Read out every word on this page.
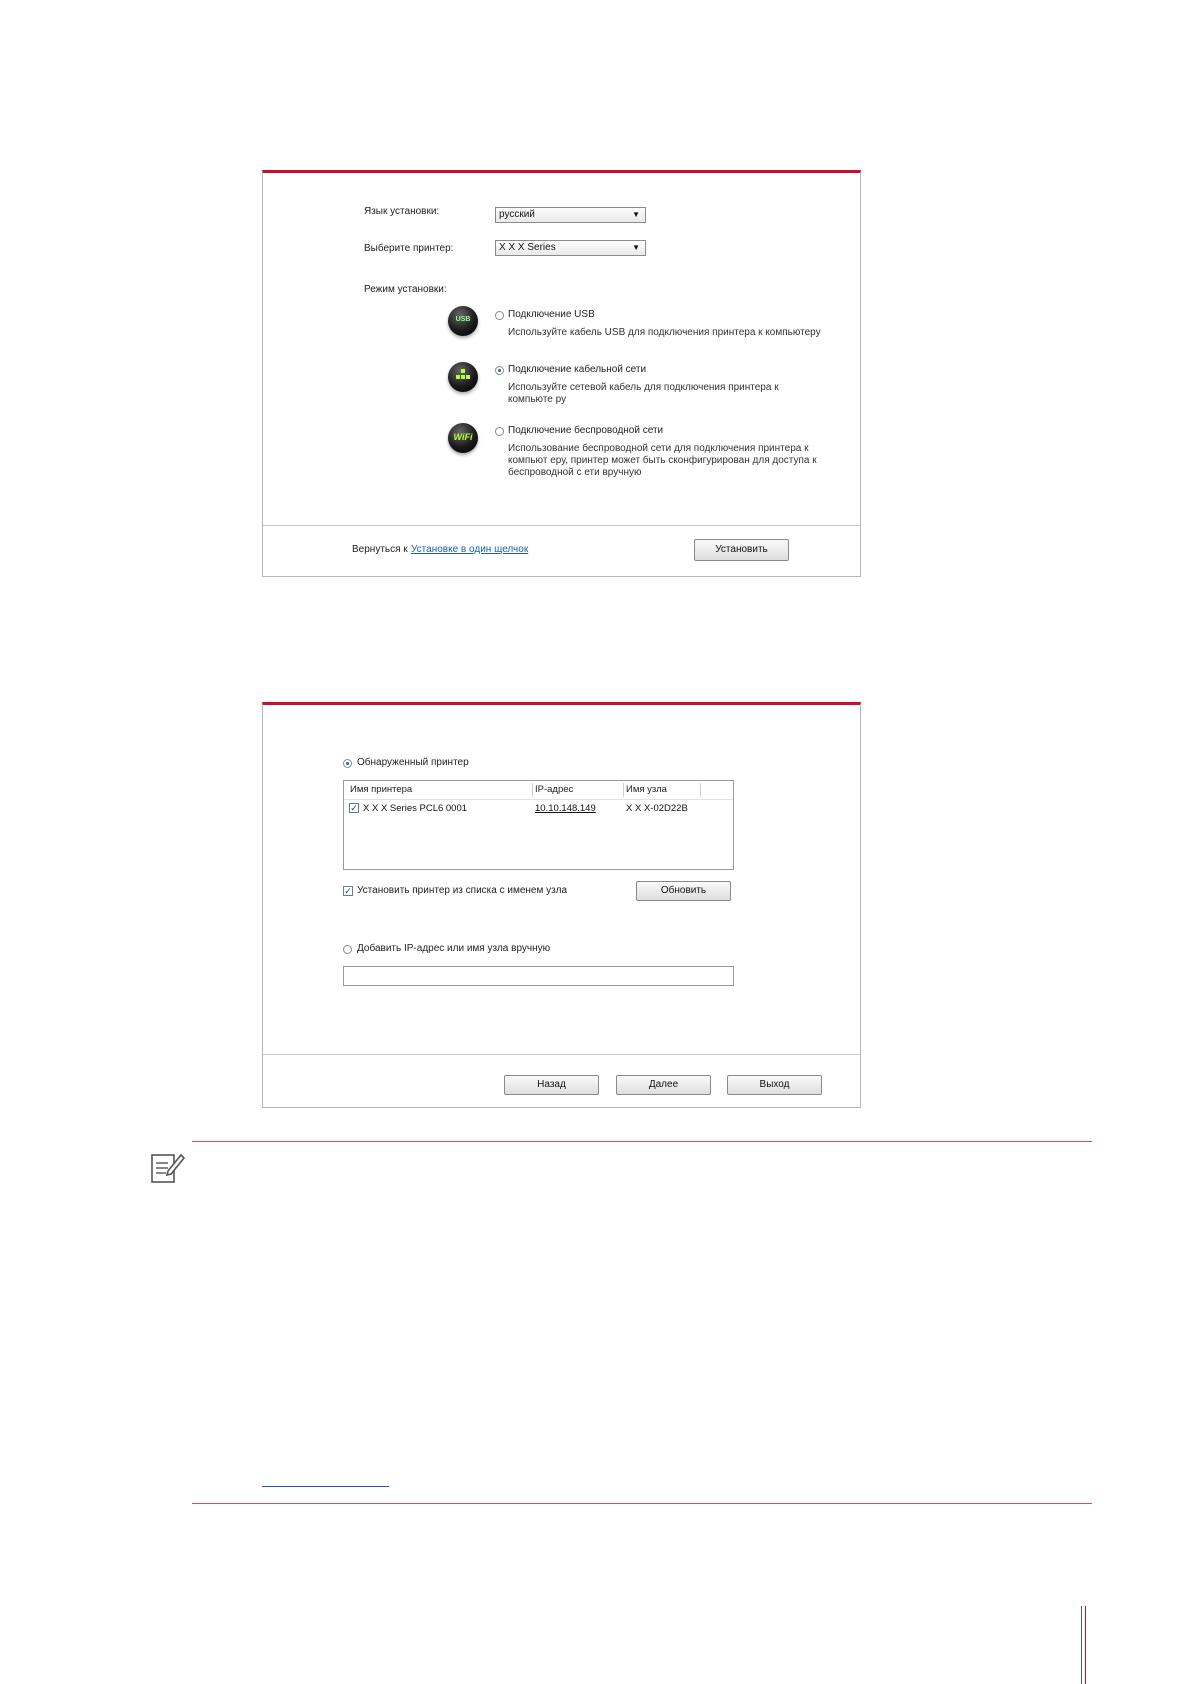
Язык установки:	русский	▼
Выберите принтер:	X X X Series	▼
Режим установки:
USB	Подключение USB
Используйте кабель USB для подключения принтера к компьютеру
Подключение кабельной сети
Используйте сетевой кабель для подключения принтера к компьюте ру
WiFi
Подключение беспроводной сети
Использование беспроводной сети для подключения принтера к компьют еру, принтер может быть сконфигурирован для доступа к беспроводной с ети вручную
Вернуться к Установке в один щелчок	Установить
Обнаруженный принтер
Имя принтера	IP-адрес	Имя узла
✓ X X X Series PCL6 0001	10.10.148.149	X X X-02D22B
✓ Установить принтер из списка с именем узла	Обновить
Добавить IP-адрес или имя узла вручную
Назад	Далее	Выход
